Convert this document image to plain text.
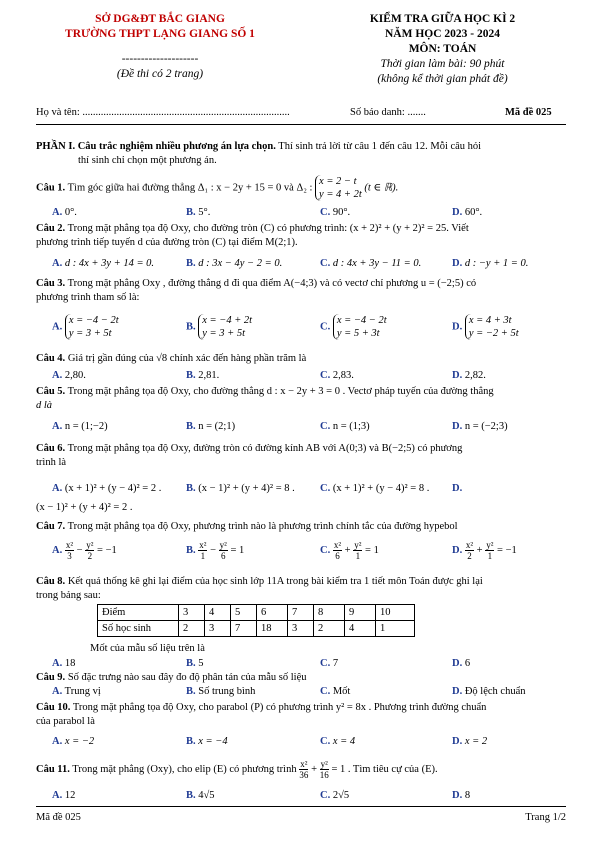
SỞ DG&ĐT BẮC GIANG
TRƯỜNG THPT LẠNG GIANG SỐ 1
--------------------
(Đề thi có 2 trang)
KIỂM TRA GIỮA HỌC KÌ 2
NĂM HỌC 2023 - 2024
MÔN: TOÁN
Thời gian làm bài: 90 phút
(không kể thời gian phát đề)
Họ và tên: ...............................................................................	Số báo danh: .......	Mã đề 025
PHẦN I. Câu trắc nghiệm nhiều phương án lựa chọn. Thí sinh trả lời từ câu 1 đến câu 12. Mỗi câu hỏi
thí sinh chỉ chọn một phương án.
Câu 1. Tìm góc giữa hai đường thẳng Δ₁ : x − 2y + 15 = 0 và Δ₂ :
x = 2 − t
y = 4 + 2t
(t ∈ ℝ).
A. 0°.	B. 5°.	C. 90°.	D. 60°.
Câu 2. Trong mặt phẳng tọa độ Oxy, cho đường tròn (C) có phương trình: (x + 2)² + (y + 2)² = 25. Viết
phương trình tiếp tuyến d của đường tròn (C) tại điểm M(2;1).
A. d : 4x + 3y + 14 = 0.	B. d : 3x − 4y − 2 = 0.	C. d : 4x + 3y − 11 = 0.	D. d : −y + 1 = 0.
Câu 3. Trong mặt phẳng Oxy , đường thẳng d đi qua điểm A(−4;3) và có vectơ chỉ phương u = (−2;5) có
phương trình tham số là:
A.
x = −4 − 2t
y = 3 + 5t
B.
x = −4 + 2t
y = 3 + 5t
C.
x = −4 − 2t
y = 5 + 3t
D.
x = 4 + 3t
y = −2 + 5t
Câu 4. Giá trị gần đúng của √8 chính xác đến hàng phần trăm là
A. 2,80.	B. 2,81.	C. 2,83.	D. 2,82.
Câu 5. Trong mặt phẳng tọa độ Oxy, cho đường thẳng d : x − 2y + 3 = 0 . Vectơ pháp tuyến của đường thẳng
d là
A. n = (1;−2)	B. n = (2;1)	C. n = (1;3)	D. n = (−2;3)
Câu 6. Trong mặt phẳng tọa độ Oxy, đường tròn có đường kính AB với A(0;3) và B(−2;5) có phương
trình là
A. (x + 1)² + (y − 4)² = 2 . B. (x − 1)² + (y + 4)² = 8 . C. (x + 1)² + (y − 4)² = 8 . D.
(x − 1)² + (y + 4)² = 2 .
Câu 7. Trong mặt phẳng tọa độ Oxy, phương trình nào là phương trình chính tắc của đường hypebol
A. $\frac{\text{x²}}{3} - \frac{\text{y²}}{2} = -1$	B. $\frac{\text{x²}}{1} - \frac{\text{y²}}{6} = 1$	C. $\frac{\text{x²}}{6} + \frac{\text{y²}}{1} = 1$	D. $\frac{\text{x²}}{2} + \frac{\text{y²}}{1} = -1$
Câu 8. Kết quả thống kê ghi lại điểm của học sinh lớp 11A trong bài kiểm tra 1 tiết môn Toán được ghi lại
trong bảng sau:
Điểm	3	4	5	6	7	8	9	10
Số học sinh	2	3	7	18	3	2	4	1
Mốt của mẫu số liệu trên là
A. 18	B. 5	C. 7	D. 6
Câu 9. Số đặc trưng nào sau đây đo độ phân tán của mẫu số liệu
A. Trung vị	B. Số trung bình	C. Mốt	D. Độ lệch chuẩn
Câu 10. Trong mặt phẳng tọa độ Oxy, cho parabol (P) có phương trình y² = 8x . Phương trình đường chuẩn
của parabol là
A. x = −2	B. x = −4	C. x = 4	D. x = 2
Câu 11. Trong mặt phẳng (Oxy), cho elip (E) có phương trình $\frac{\text{x²}}{36} + \frac{\text{y²}}{16} = 1$ . Tìm tiêu cự của (E).
A. 12	B. 4√5	C. 2√5	D. 8
Mã đề 025	Trang 1/2
